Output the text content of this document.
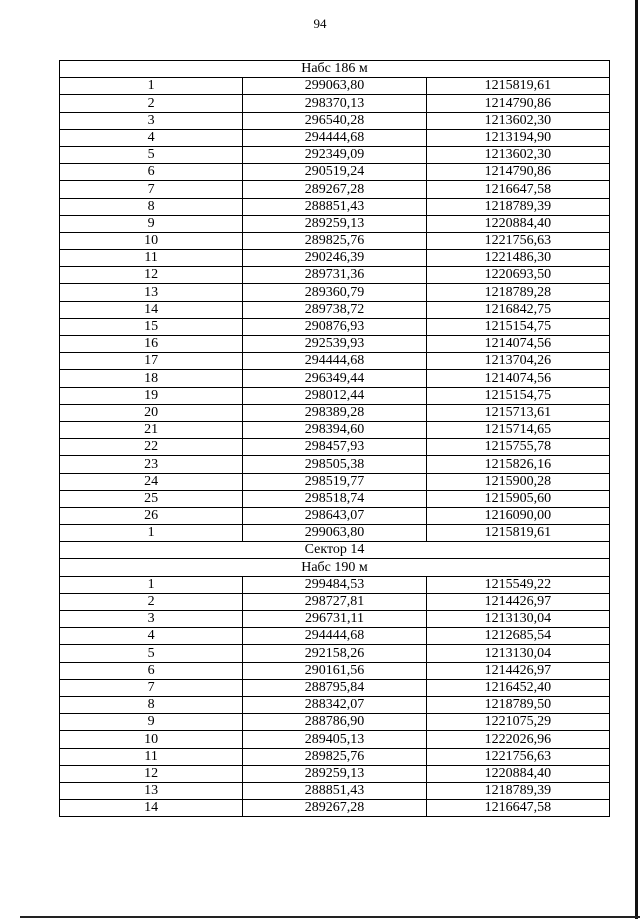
94
Набс 186 м		
1	299063,80	1215819,61
2	298370,13	1214790,86
3	296540,28	1213602,30
4	294444,68	1213194,90
5	292349,09	1213602,30
6	290519,24	1214790,86
7	289267,28	1216647,58
8	288851,43	1218789,39
9	289259,13	1220884,40
10	289825,76	1221756,63
11	290246,39	1221486,30
12	289731,36	1220693,50
13	289360,79	1218789,28
14	289738,72	1216842,75
15	290876,93	1215154,75
16	292539,93	1214074,56
17	294444,68	1213704,26
18	296349,44	1214074,56
19	298012,44	1215154,75
20	298389,28	1215713,61
21	298394,60	1215714,65
22	298457,93	1215755,78
23	298505,38	1215826,16
24	298519,77	1215900,28
25	298518,74	1215905,60
26	298643,07	1216090,00
1	299063,80	1215819,61
Сектор 14		
Набс 190 м		
1	299484,53	1215549,22
2	298727,81	1214426,97
3	296731,11	1213130,04
4	294444,68	1212685,54
5	292158,26	1213130,04
6	290161,56	1214426,97
7	288795,84	1216452,40
8	288342,07	1218789,50
9	288786,90	1221075,29
10	289405,13	1222026,96
11	289825,76	1221756,63
12	289259,13	1220884,40
13	288851,43	1218789,39
14	289267,28	1216647,58
